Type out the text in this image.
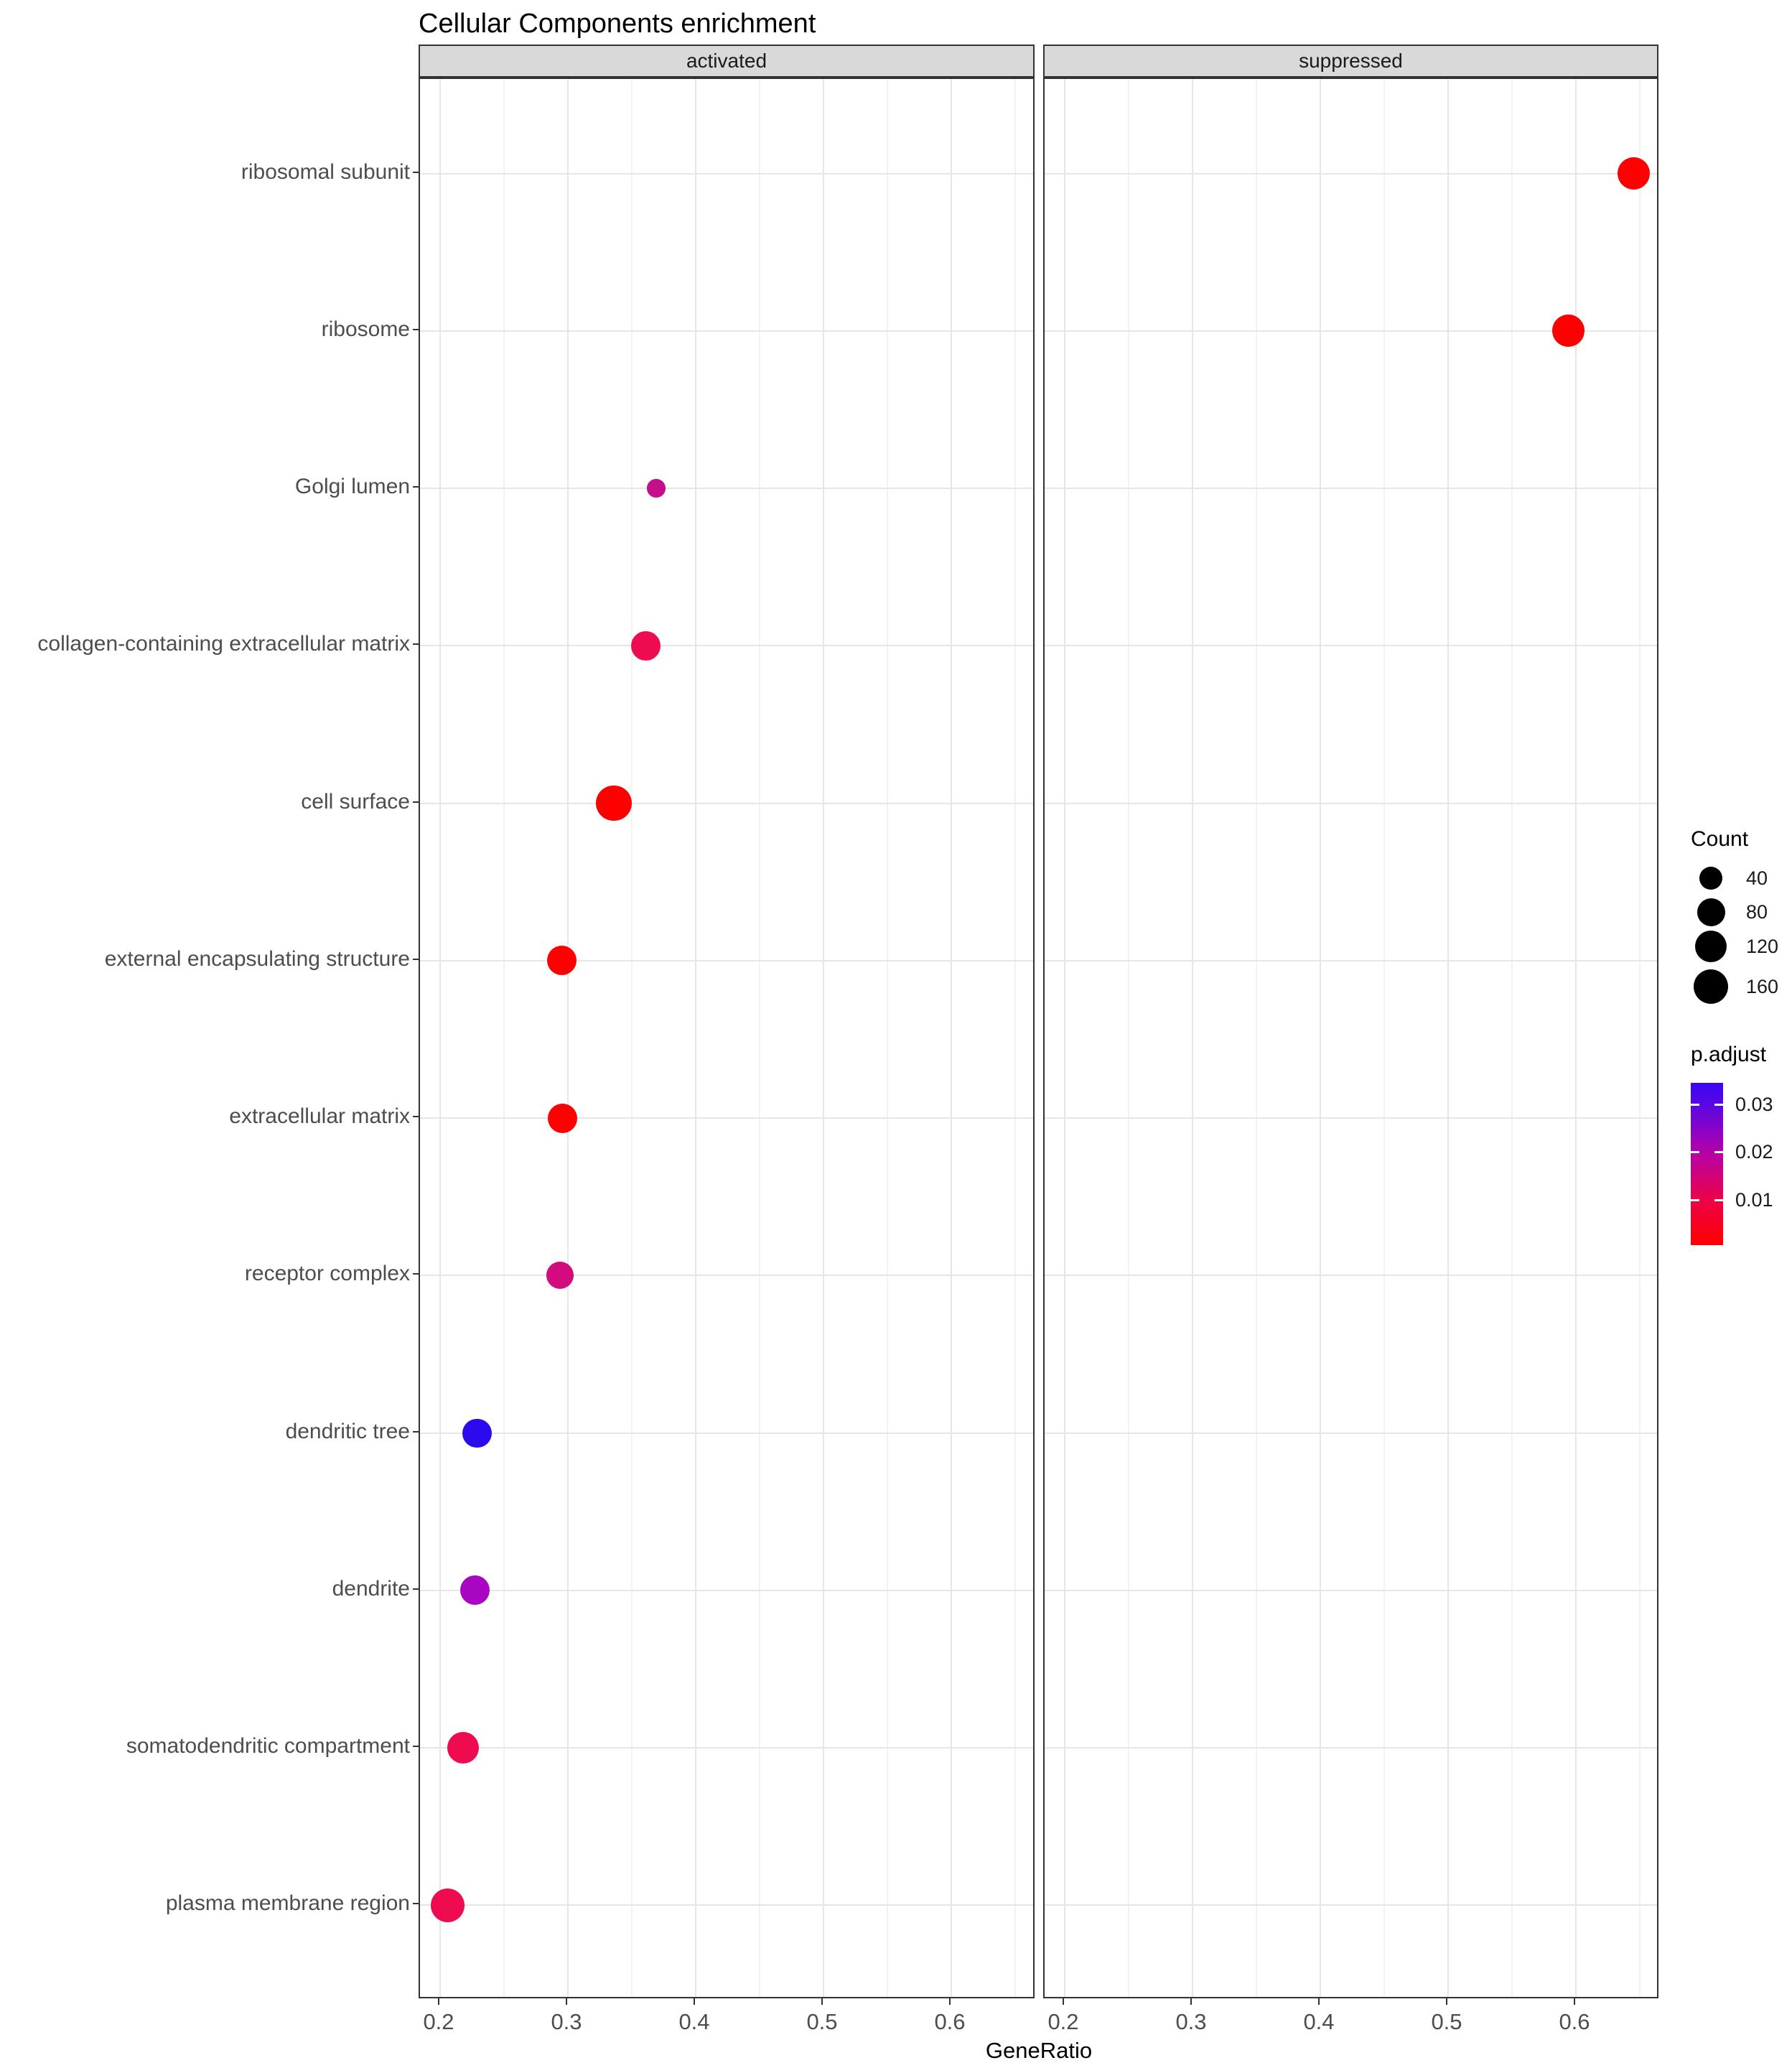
Cellular Components enrichment
activated	suppressed
ribosomal subunit
ribosome
Golgi lumen
collagen-containing extracellular matrix
cell surface
external encapsulating structure
extracellular matrix
receptor complex
dendritic tree
dendrite
somatodendritic compartment
plasma membrane region
0.2	0.3	0.4	0.5	0.6	0.2	0.3	0.4	0.5	0.6
GeneRatio
Count
40
80
120
160
p.adjust
0.03
0.02
0.01
